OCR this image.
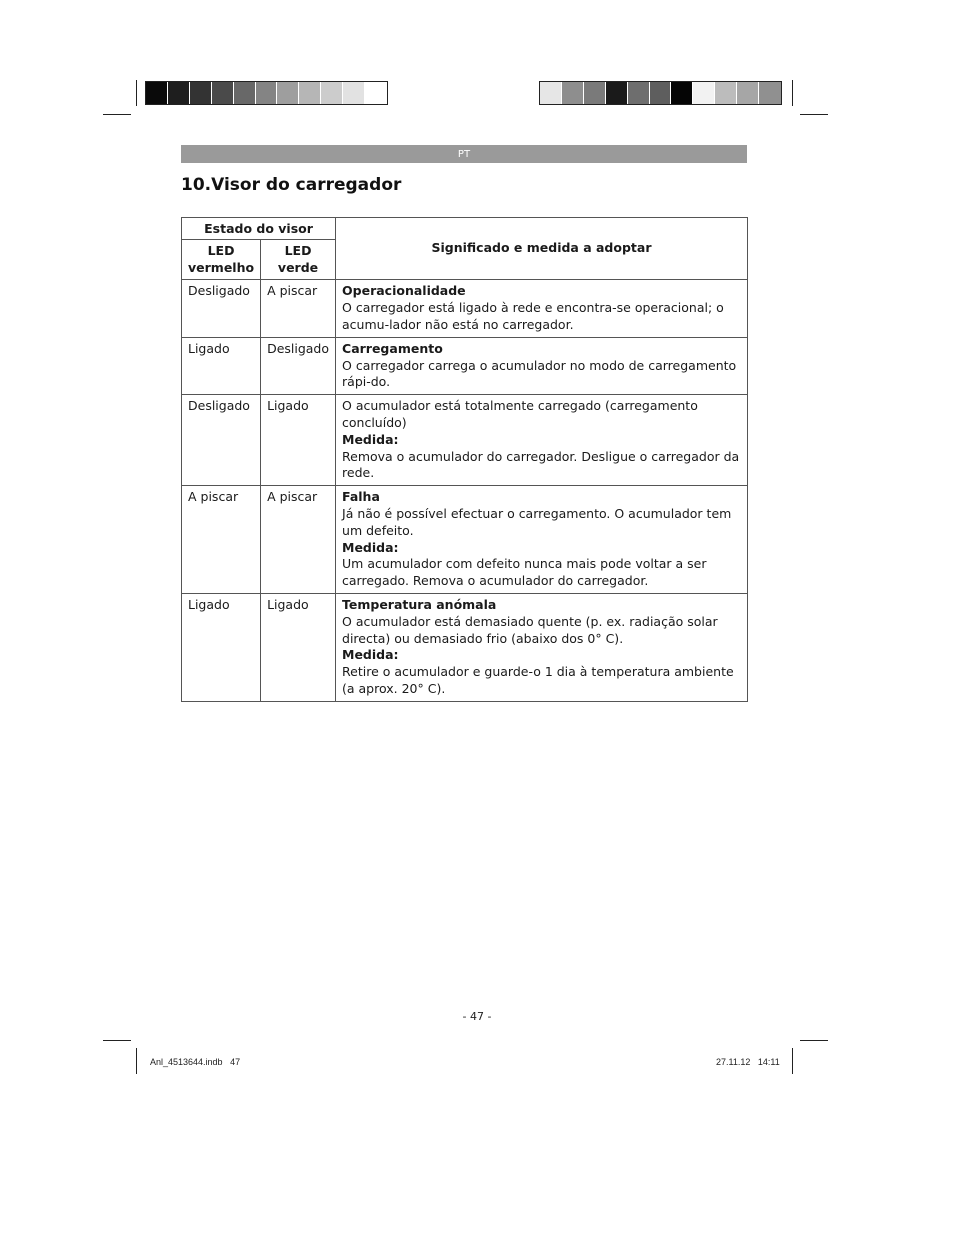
PT
10.Visor do carregador
Estado do visor		Significado e medida a adoptar
LED vermelho	LED verde	
Desligado	A piscar	Operacionalidade
O carregador está ligado à rede e encontra-se operacional; o acumu-lador não está no carregador.

Ligado	Desligado	Carregamento
O carregador carrega o acumulador no modo de carregamento rápi-do.

Desligado	Ligado	O acumulador está totalmente carregado (carregamento concluído)
Medida:
Remova o acumulador do carregador. Desligue o carregador da rede.

A piscar	A piscar	Falha
Já não é possível efectuar o carregamento. O acumulador tem um defeito.
Medida:
Um acumulador com defeito nunca mais pode voltar a ser carregado. Remova o acumulador do carregador.

Ligado	Ligado	Temperatura anómala
O acumulador está demasiado quente (p. ex. radiação solar directa) ou demasiado frio (abaixo dos 0° C).
Medida:
Retire o acumulador e guarde-o 1 dia à temperatura ambiente (a aprox. 20° C).
- 47 -
Anl_4513644.indb   47	27.11.12   14:11
